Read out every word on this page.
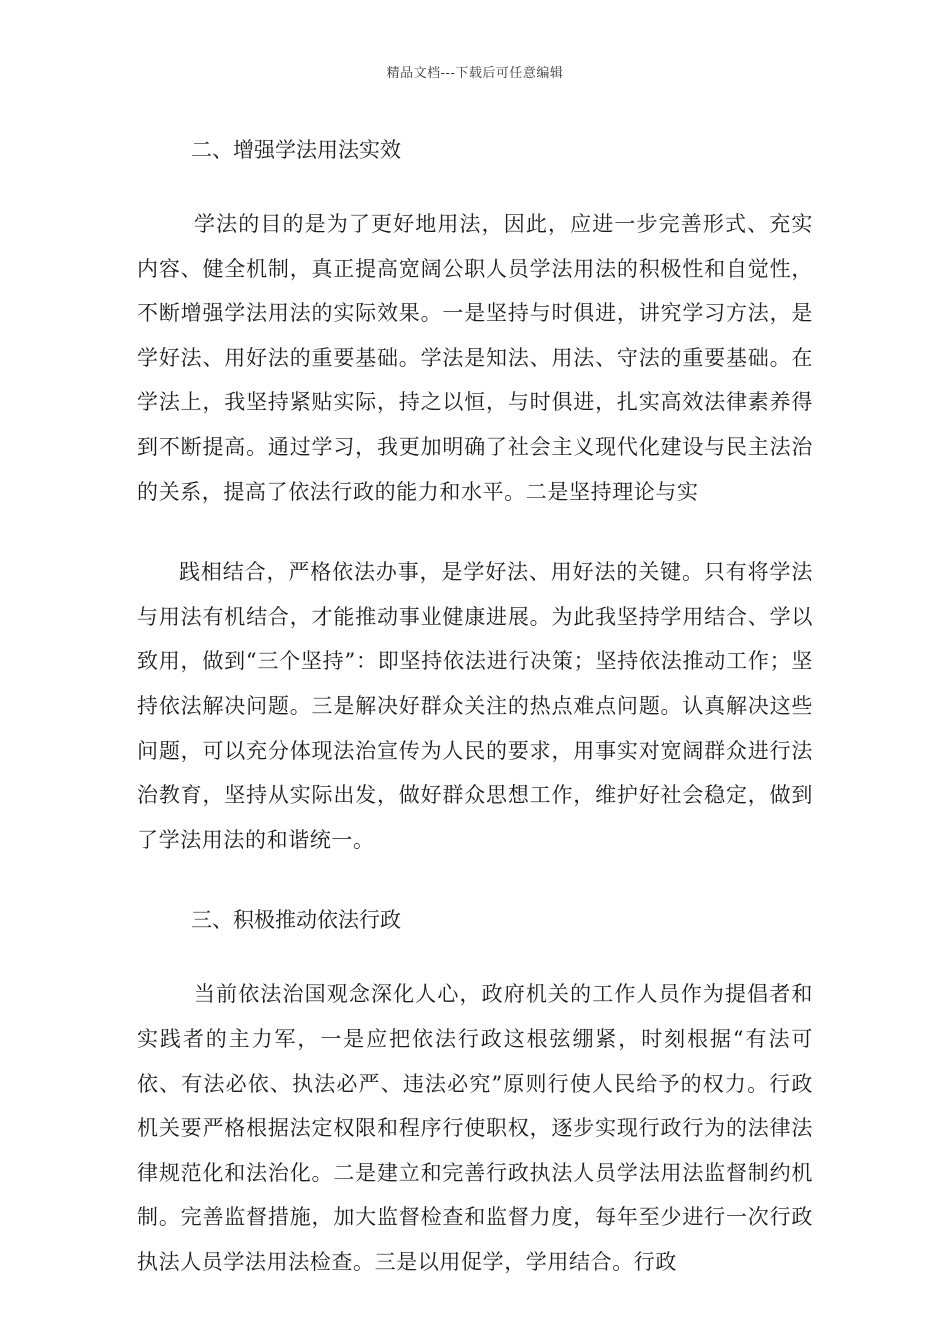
精品文档---下载后可任意编辑

二、增强学法用法实效

学法的目的是为了更好地用法，因此，应进一步完善形式、充实内容、健全机制，真正提高宽阔公职人员学法用法的积极性和自觉性，不断增强学法用法的实际效果。一是坚持与时俱进，讲究学习方法，是学好法、用好法的重要基础。学法是知法、用法、守法的重要基础。在学法上，我坚持紧贴实际，持之以恒，与时俱进，扎实高效法律素养得到不断提高。通过学习，我更加明确了社会主义现代化建设与民主法治的关系，提高了依法行政的能力和水平。二是坚持理论与实

践相结合，严格依法办事，是学好法、用好法的关键。只有将学法与用法有机结合，才能推动事业健康进展。为此我坚持学用结合、学以致用，做到“三个坚持”：即坚持依法进行决策；坚持依法推动工作；坚持依法解决问题。三是解决好群众关注的热点难点问题。认真解决这些问题，可以充分体现法治宣传为人民的要求，用事实对宽阔群众进行法治教育，坚持从实际出发，做好群众思想工作，维护好社会稳定，做到了学法用法的和谐统一。

三、积极推动依法行政

当前依法治国观念深化人心，政府机关的工作人员作为提倡者和实践者的主力军，一是应把依法行政这根弦绷紧，时刻根据“有法可依、有法必依、执法必严、违法必究”原则行使人民给予的权力。行政机关要严格根据法定权限和程序行使职权，逐步实现行政行为的法律法律规范化和法治化。二是建立和完善行政执法人员学法用法监督制约机制。完善监督措施，加大监督检查和监督力度，每年至少进行一次行政执法人员学法用法检查。三是以用促学，学用结合。行政
